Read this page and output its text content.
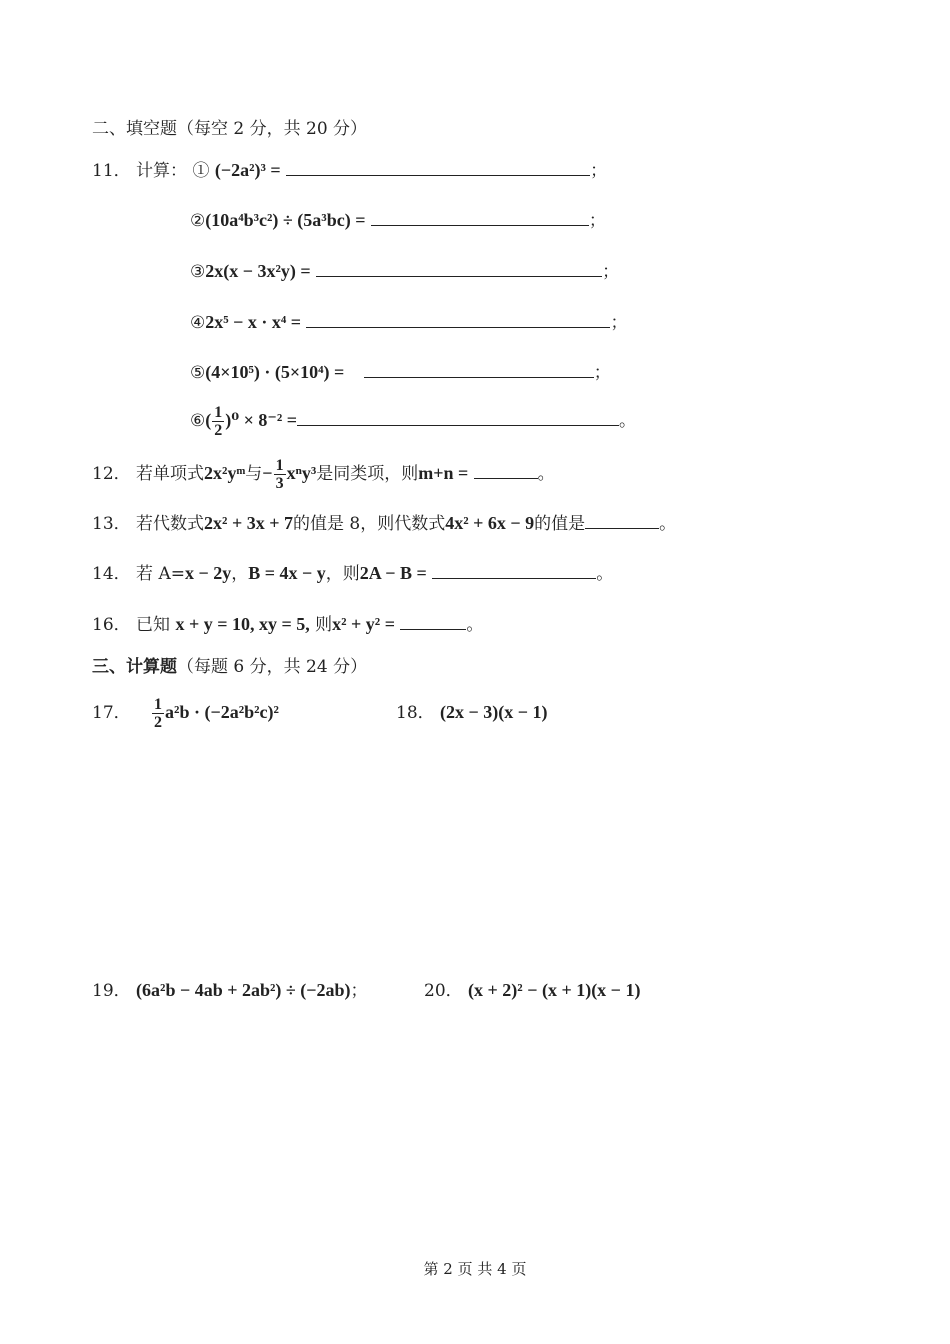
二、填空题（每空 2 分，共 20 分）
11． 计算： ① (−2a²)³ =	；
②(10a⁴b³c²) ÷ (5a³bc) =	；
③2x(x − 3x²y) =	；
④2x⁵ − x · x⁴ =	；
⑤(4×10⁵) · (5×10⁴) =	；
⑥( $\frac{1}{2} )^0 \times 8^{-2}$ =	。
12． 若单项式2x²yᵐ与− $\frac{1}{3} x^ny^3$是同类项，则m+n =	。
13． 若代数式2x² + 3x + 7的值是 8，则代数式4x² + 6x − 9的值是	。
14． 若 A=x − 2y，B = 4x − y，则2A − B =	。
16． 已知 x + y = 10, xy = 5, 则x² + y² =	。
三、计算题（每题 6 分，共 24 分）
17． $\frac{1}{2} a^2b \cdot (-2a^2b^2c)^2$	18． (2x − 3)(x − 1)
19． (6a²b − 4ab + 2ab²) ÷ (−2ab)；	20． (x + 2)² − (x + 1)(x − 1)
第 2 页 共 4 页
